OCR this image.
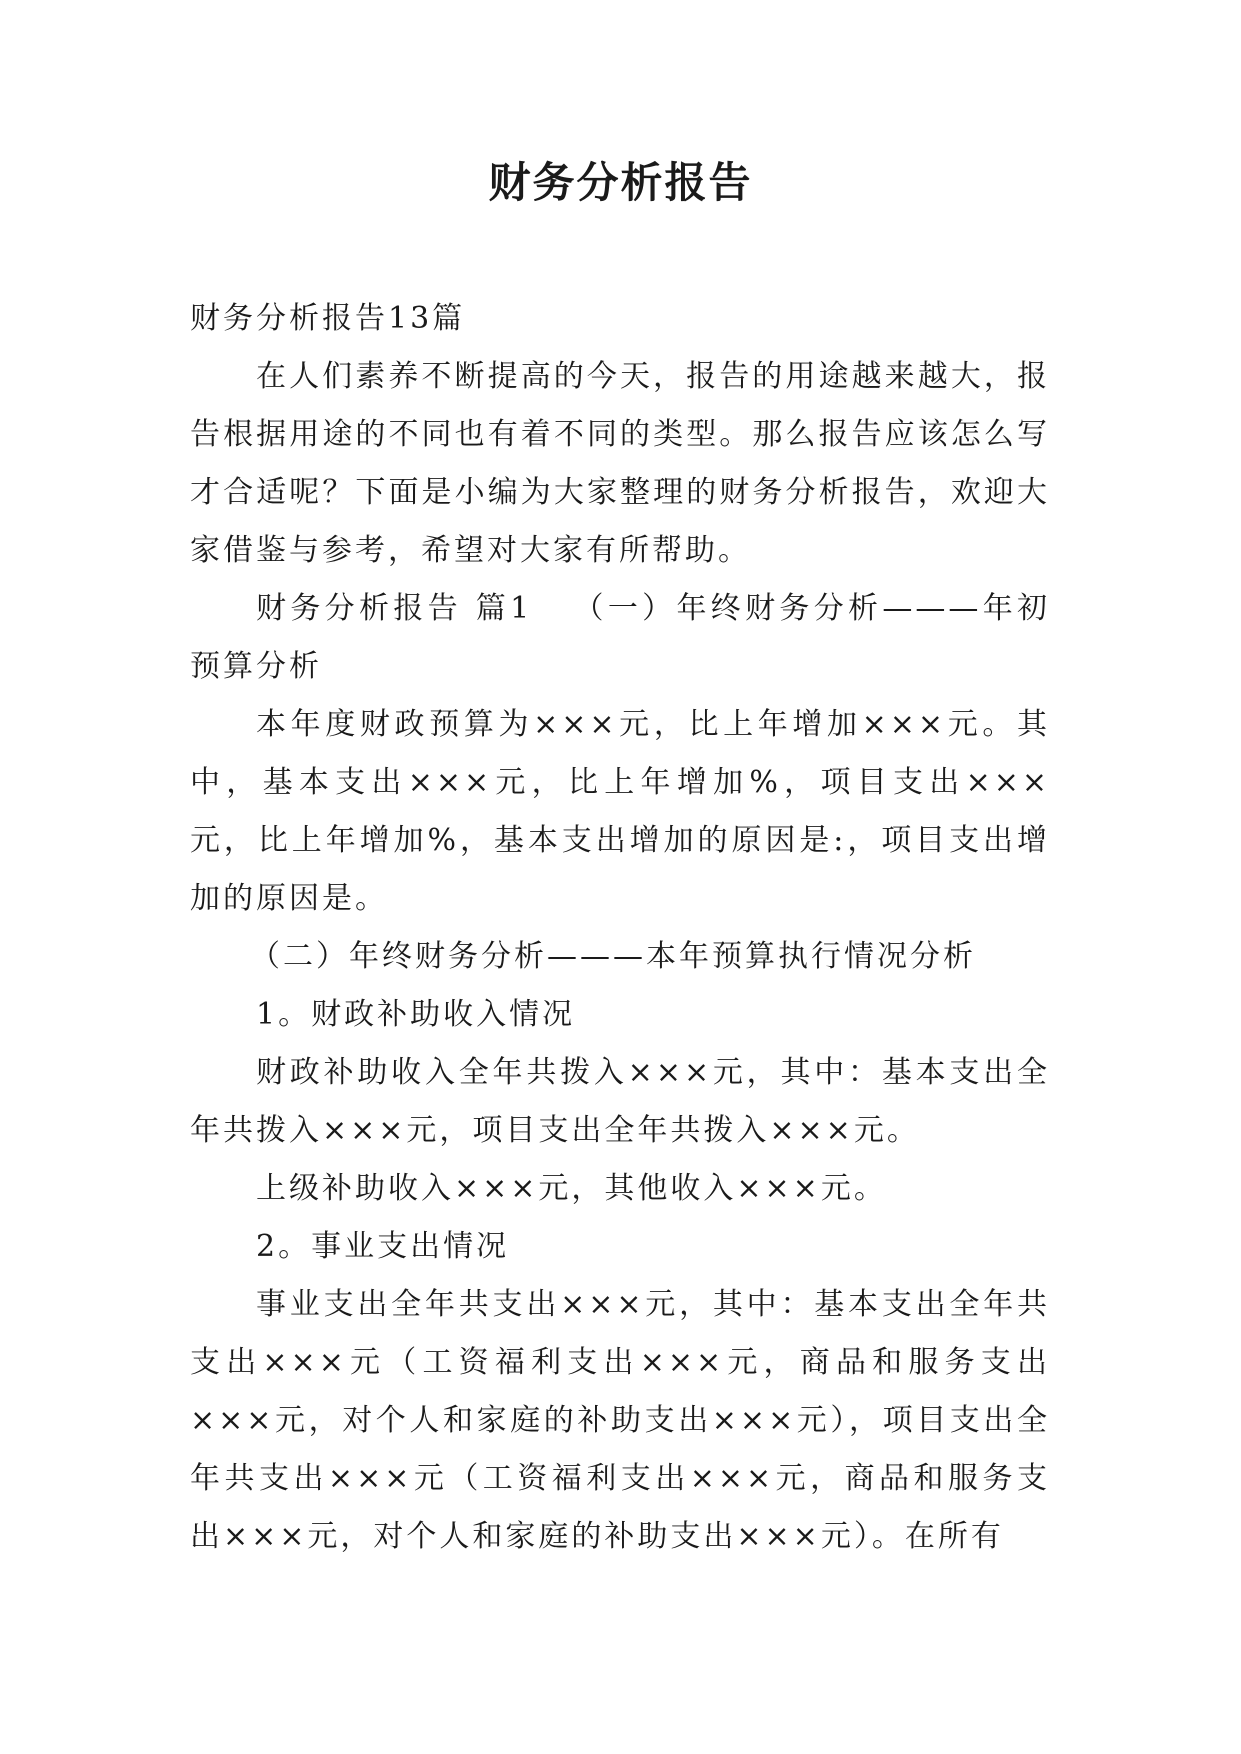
财务分析报告

财务分析报告13篇

在人们素养不断提高的今天，报告的用途越来越大，报告根据用途的不同也有着不同的类型。那么报告应该怎么写才合适呢？下面是小编为大家整理的财务分析报告，欢迎大家借鉴与参考，希望对大家有所帮助。

财务分析报告 篇1 （一）年终财务分析———年初预算分析

本年度财政预算为×××元，比上年增加×××元。其中，基本支出×××元，比上年增加%，项目支出×××元，比上年增加%，基本支出增加的原因是:，项目支出增加的原因是。

（二）年终财务分析———本年预算执行情况分析

1。财政补助收入情况

财政补助收入全年共拨入×××元，其中：基本支出全年共拨入×××元，项目支出全年共拨入×××元。

上级补助收入×××元，其他收入×××元。

2。事业支出情况

事业支出全年共支出×××元，其中：基本支出全年共支出×××元（工资福利支出×××元，商品和服务支出×××元，对个人和家庭的补助支出×××元），项目支出全年共支出×××元（工资福利支出×××元，商品和服务支出×××元，对个人和家庭的补助支出×××元）。在所有
